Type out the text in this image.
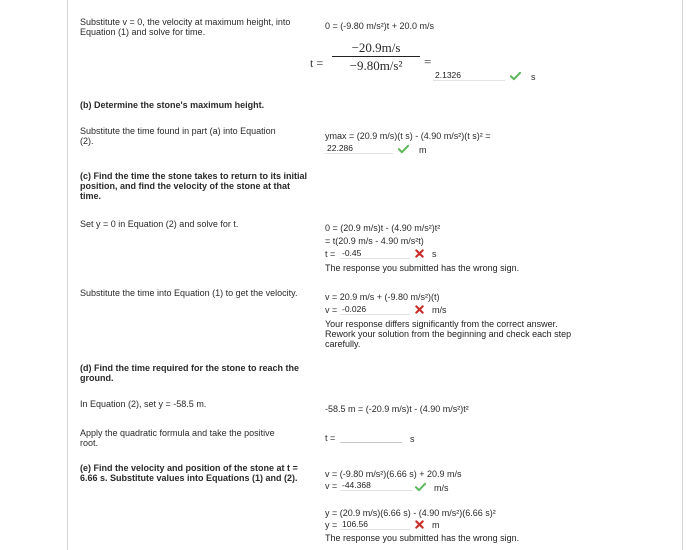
Substitute v = 0, the velocity at maximum height, into Equation (1) and solve for time.
0 = (-9.80 m/s²)t + 20.0 m/s
t =
−20.9m/s
−9.80m/s²	=
2.1326	s
(b) Determine the stone's maximum height.
Substitute the time found in part (a) into Equation (2).	ymax = (20.9 m/s)(t s) - (4.90 m/s²)(t s)² =
22.286	m
(c) Find the time the stone takes to return to its initial position, and find the velocity of the stone at that time.
Set y = 0 in Equation (2) and solve for t.	0 = (20.9 m/s)t - (4.90 m/s²)t²
= t(20.9 m/s - 4.90 m/s²t)
t = -0.45	s
The response you submitted has the wrong sign.
Substitute the time into Equation (1) to get the velocity.	v = 20.9 m/s + (-9.80 m/s²)(t)
v = -0.026	m/s
Your response differs significantly from the correct answer. Rework your solution from the beginning and check each step carefully.
(d) Find the time required for the stone to reach the ground.
In Equation (2), set y = -58.5 m.	-58.5 m = (-20.9 m/s)t - (4.90 m/s²)t²
Apply the quadratic formula and take the positive root.	t =	s
(e) Find the velocity and position of the stone at t = 6.66 s. Substitute values into Equations (1) and (2).	v = (-9.80 m/s²)(6.66 s) + 20.9 m/s
v = -44.368	m/s
y = (20.9 m/s)(6.66 s) - (4.90 m/s²)(6.66 s)²
y = 106.56	m
The response you submitted has the wrong sign.
